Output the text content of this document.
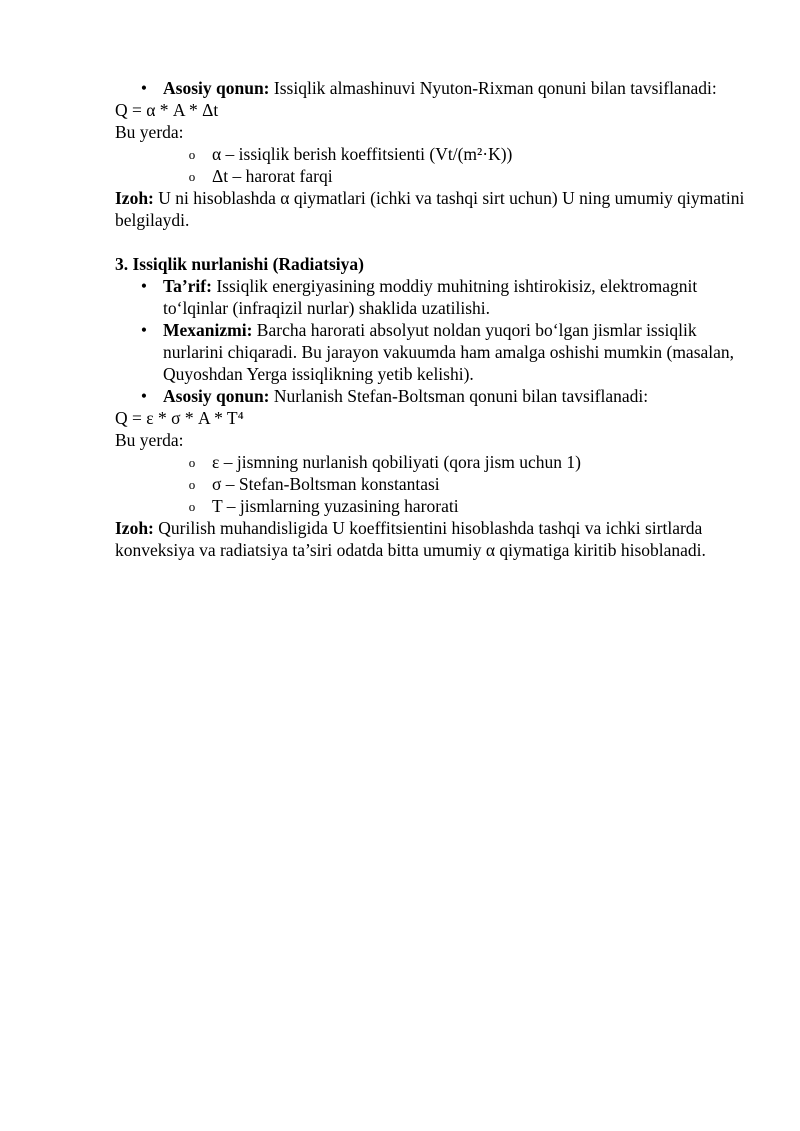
• Asosiy qonun: Issiqlik almashinuvi Nyuton-Rixman qonuni bilan tavsiflanadi:

Q = α * A * Δt

Bu yerda:

o α – issiqlik berish koeffitsienti (Vt/(m²·K))
o Δt – harorat farqi

Izoh: U ni hisoblashda α qiymatlari (ichki va tashqi sirt uchun) U ning umumiy qiymatini belgilaydi.

3. Issiqlik nurlanishi (Radiatsiya)

• Ta’rif: Issiqlik energiyasining moddiy muhitning ishtirokisiz, elektromagnit to‘lqinlar (infraqizil nurlar) shaklida uzatilishi.
• Mexanizmi: Barcha harorati absolyut noldan yuqori bo‘lgan jismlar issiqlik nurlarini chiqaradi. Bu jarayon vakuumda ham amalga oshishi mumkin (masalan, Quyoshdan Yerga issiqlikning yetib kelishi).
• Asosiy qonun: Nurlanish Stefan-Boltsman qonuni bilan tavsiflanadi:

Q = ε * σ * A * T⁴

Bu yerda:

o ε – jismning nurlanish qobiliyati (qora jism uchun 1)
o σ – Stefan-Boltsman konstantasi
o T – jismlarning yuzasining harorati

Izoh: Qurilish muhandisligida U koeffitsientini hisoblashda tashqi va ichki sirtlarda konveksiya va radiatsiya ta’siri odatda bitta umumiy α qiymatiga kiritib hisoblanadi.
